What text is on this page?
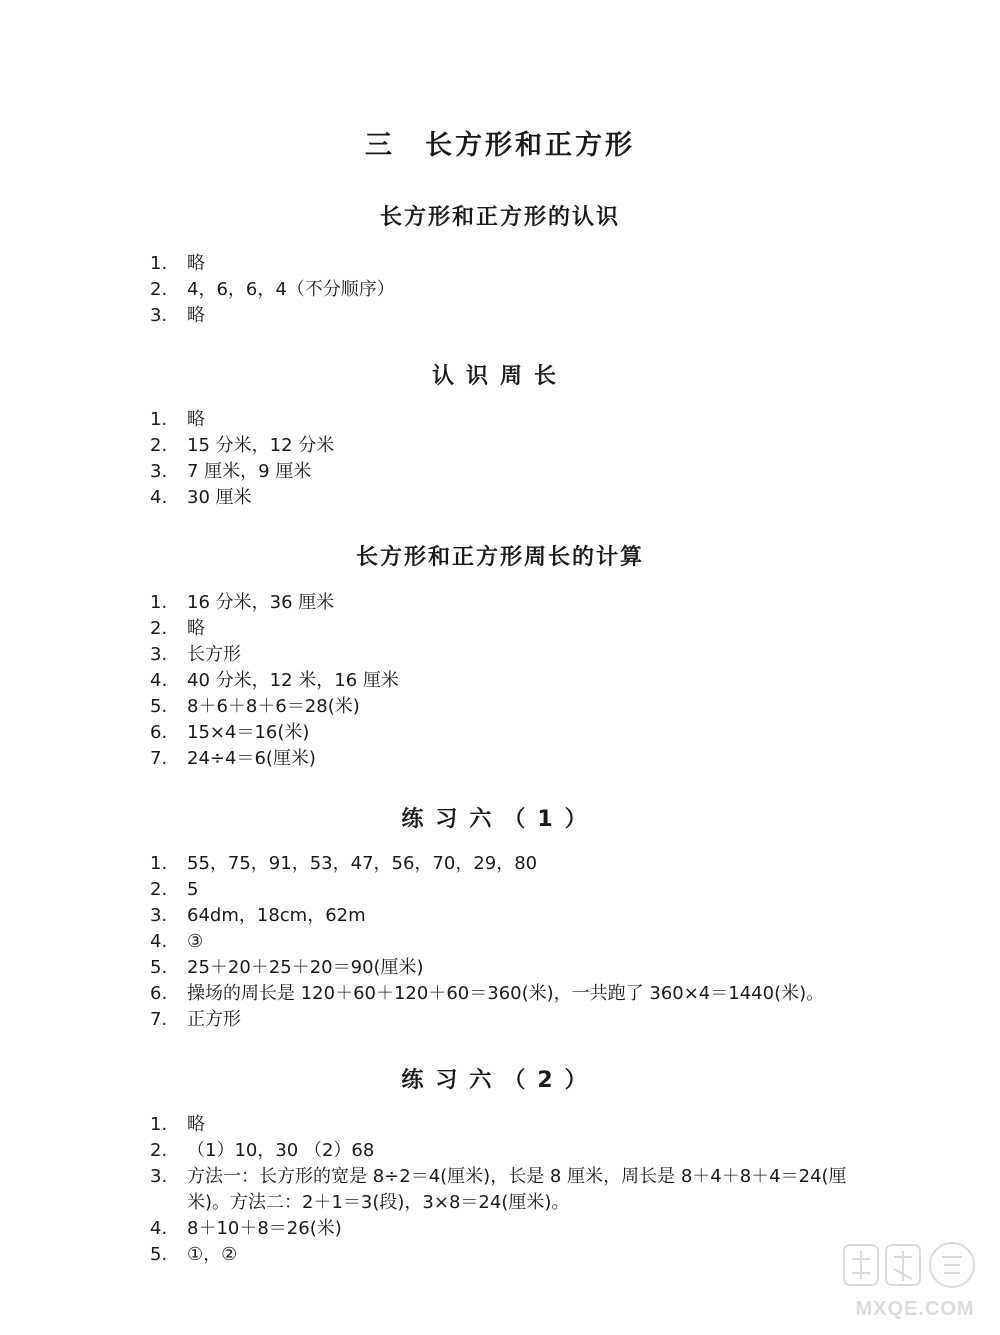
三　长方形和正方形
长方形和正方形的认识
1.	略
2.	4，6，6，4（不分顺序）
3.	略
认识周长
1.	略
2.	15 分米，12 分米
3.	7 厘米，9 厘米
4.	30 厘米
长方形和正方形周长的计算
1.	16 分米，36 厘米
2.	略
3.	长方形
4.	40 分米，12 米，16 厘米
5.	8＋6＋8＋6＝28(米)
6.	15×4＝16(米)
7.	24÷4＝6(厘米)
练习六（1）
1.	55，75，91，53，47，56，70，29，80
2.	5
3.	64dm，18cm，62m
4.	③
5.	25＋20＋25＋20＝90(厘米)
6.	操场的周长是 120＋60＋120＋60＝360(米)，一共跑了 360×4＝1440(米)。
7.	正方形
练习六（2）
1.	略
2.	（1）10，30 （2）68
3.	方法一：长方形的宽是 8÷2＝4(厘米)，长是 8 厘米，周长是 8＋4＋8＋4＝24(厘米)。方法二：2＋1＝3(段)，3×8＝24(厘米)。
4.	8＋10＋8＝26(米)
5.	①，②
MXQE.COM
